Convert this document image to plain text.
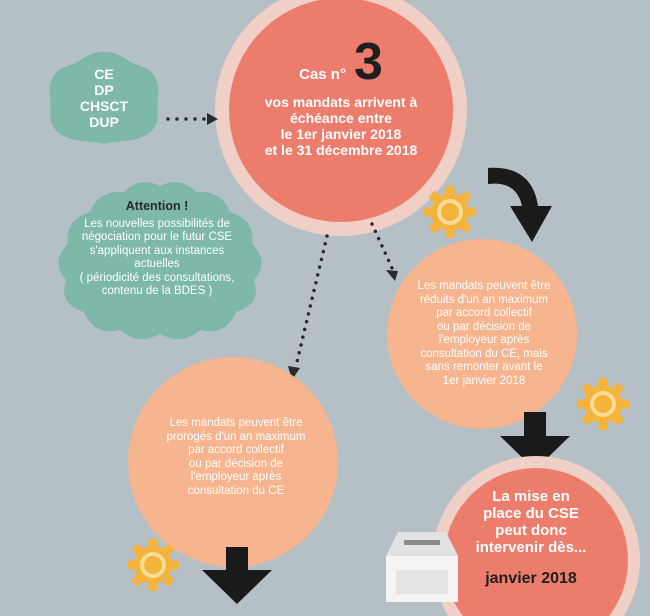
CE
DP
CHSCT
DUP
Cas n° 3
vos mandats arrivent à
échéance entre
le 1er janvier 2018
et le 31 décembre 2018
Attention !
Les nouvelles possibilités de
négociation pour le futur CSE
s'appliquent aux instances
actuelles
( périodicité des consultations,
contenu de la BDES )	Les mandats peuvent être
réduits d'un an maximum
par accord collectif
ou par décision de
l'employeur après
consultation du CE, mais
sans remonter avant le
1er janvier 2018
Les mandats peuvent être
prorogés d'un an maximum
par accord collectif
ou par décision de
l'employeur après
consultation du CE	La mise en
place du CSE
peut donc
intervenir dès...
janvier 2018
